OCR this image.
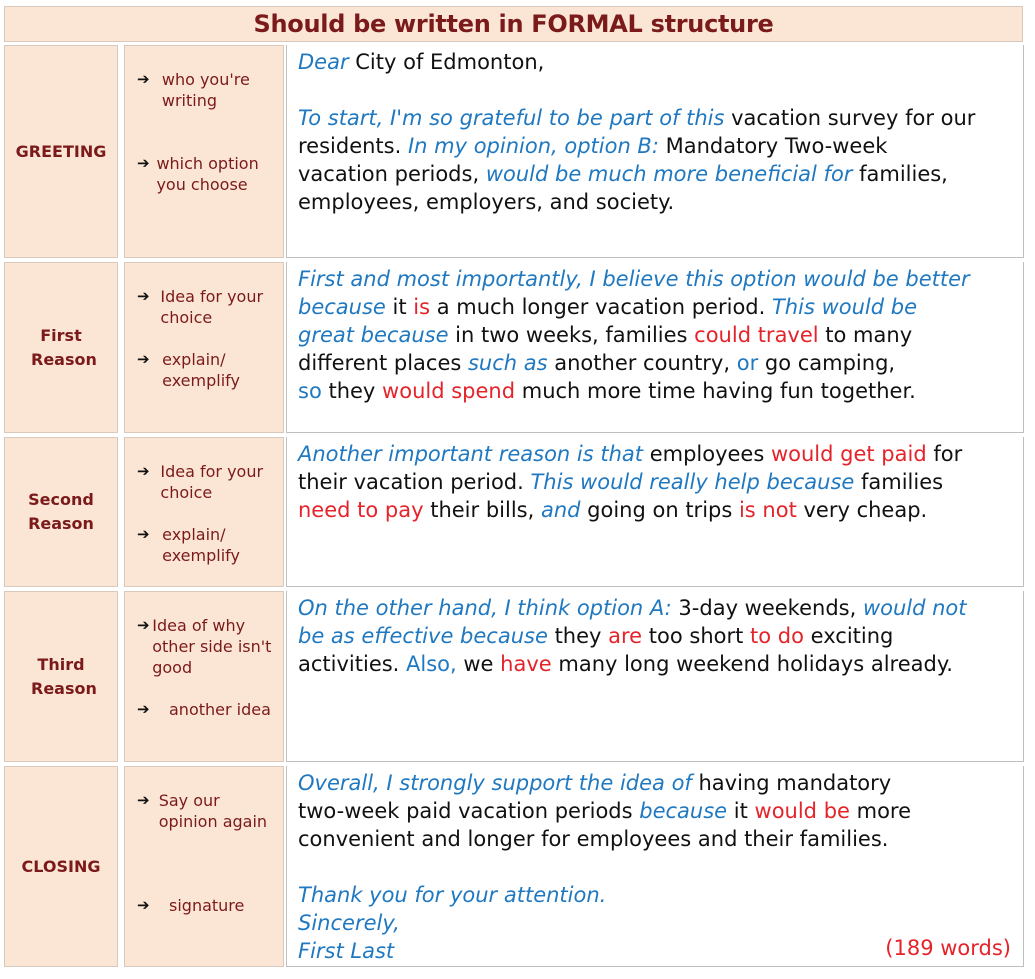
Should be written in FORMAL structure
GREETING
➔ who you're writing
➔ which option you choose
Dear City of Edmonton,
To start, I'm so grateful to be part of this vacation survey for our
residents. In my opinion, option B: Mandatory Two-week
vacation periods, would be much more beneficial for families,
employees, employers, and society.
First Reason
➔ Idea for your choice
➔ explain/ exemplify
First and most importantly, I believe this option would be better
because it is a much longer vacation period. This would be
great because in two weeks, families could travel to many
different places such as another country, or go camping,
so they would spend much more time having fun together.
Second Reason
➔ Idea for your choice
➔ explain/ exemplify
Another important reason is that employees would get paid for
their vacation period. This would really help because families
need to pay their bills, and going on trips is not very cheap.
Third Reason
➔ Idea of why other side isn't good
➔	another idea
On the other hand, I think option A: 3-day weekends, would not
be as effective because they are too short to do exciting
activities. Also, we have many long weekend holidays already.
CLOSING
➔ Say our opinion again
➔	signature
(189 words)
Overall, I strongly support the idea of having mandatory
two-week paid vacation periods because it would be more
convenient and longer for employees and their families.
Thank you for your attention.
Sincerely,
First Last
